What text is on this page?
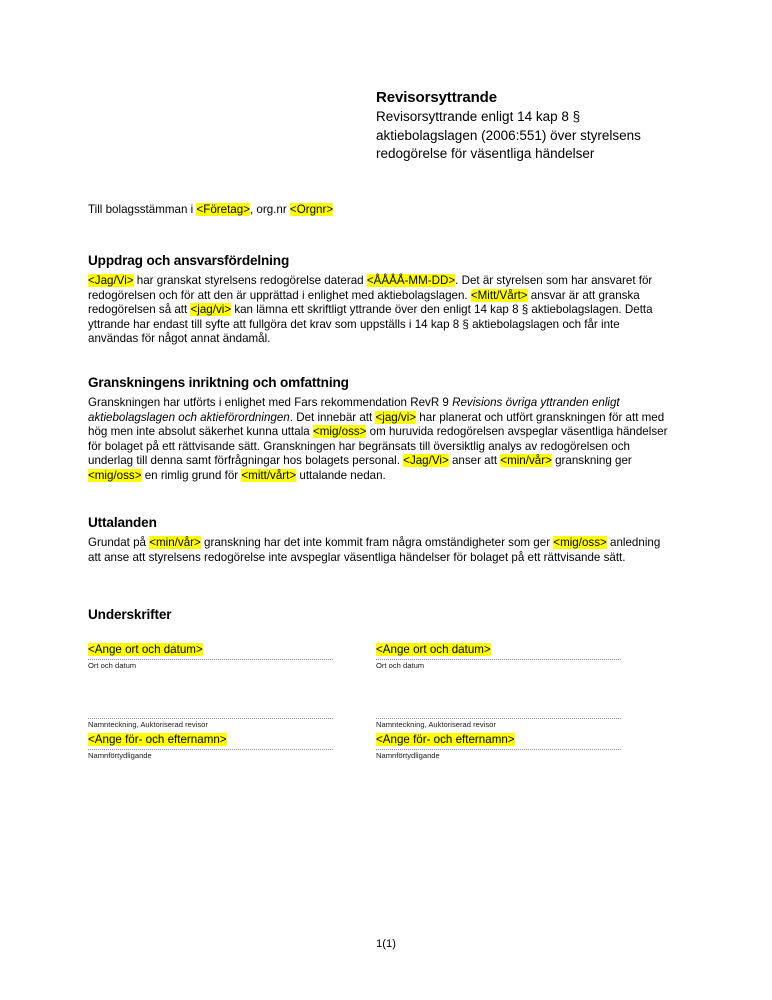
Revisorsyttrande
Revisorsyttrande enligt 14 kap 8 § aktiebolagslagen (2006:551) över styrelsens redogörelse för väsentliga händelser
Till bolagsstämman i <Företag>, org.nr <Orgnr>
Uppdrag och ansvarsfördelning

<Jag/Vi> har granskat styrelsens redogörelse daterad <ÅÅÅÅ-MM-DD>. Det är styrelsen som har ansvaret för redogörelsen och för att den är upprättad i enlighet med aktiebolagslagen. <Mitt/Vårt> ansvar är att granska redogörelsen så att <jag/vi> kan lämna ett skriftligt yttrande över den enligt 14 kap 8 § aktiebolagslagen. Detta yttrande har endast till syfte att fullgöra det krav som uppställs i 14 kap 8 § aktiebolagslagen och får inte användas för något annat ändamål.

Granskningens inriktning och omfattning

Granskningen har utförts i enlighet med Fars rekommendation RevR 9 Revisions övriga yttranden enligt aktiebolagslagen och aktieförordningen. Det innebär att <jag/vi> har planerat och utfört granskningen för att med hög men inte absolut säkerhet kunna uttala <mig/oss> om huruvida redogörelsen avspeglar väsentliga händelser för bolaget på ett rättvisande sätt. Granskningen har begränsats till översiktlig analys av redogörelsen och underlag till denna samt förfrågningar hos bolagets personal. <Jag/Vi> anser att <min/vår> granskning ger <mig/oss> en rimlig grund för <mitt/vårt> uttalande nedan.

Uttalanden

Grundat på <min/vår> granskning har det inte kommit fram några omständigheter som ger <mig/oss> anledning att anse att styrelsens redogörelse inte avspeglar väsentliga händelser för bolaget på ett rättvisande sätt.

Underskrifter
<Ange ort och datum>
Ort och datum
<Ange ort och datum>
Ort och datum
Namnteckning, Auktoriserad revisor
<Ange för- och efternamn>
Namnförtydligande
Namnteckning, Auktoriserad revisor
<Ange för- och efternamn>
Namnförtydligande
1(1)
